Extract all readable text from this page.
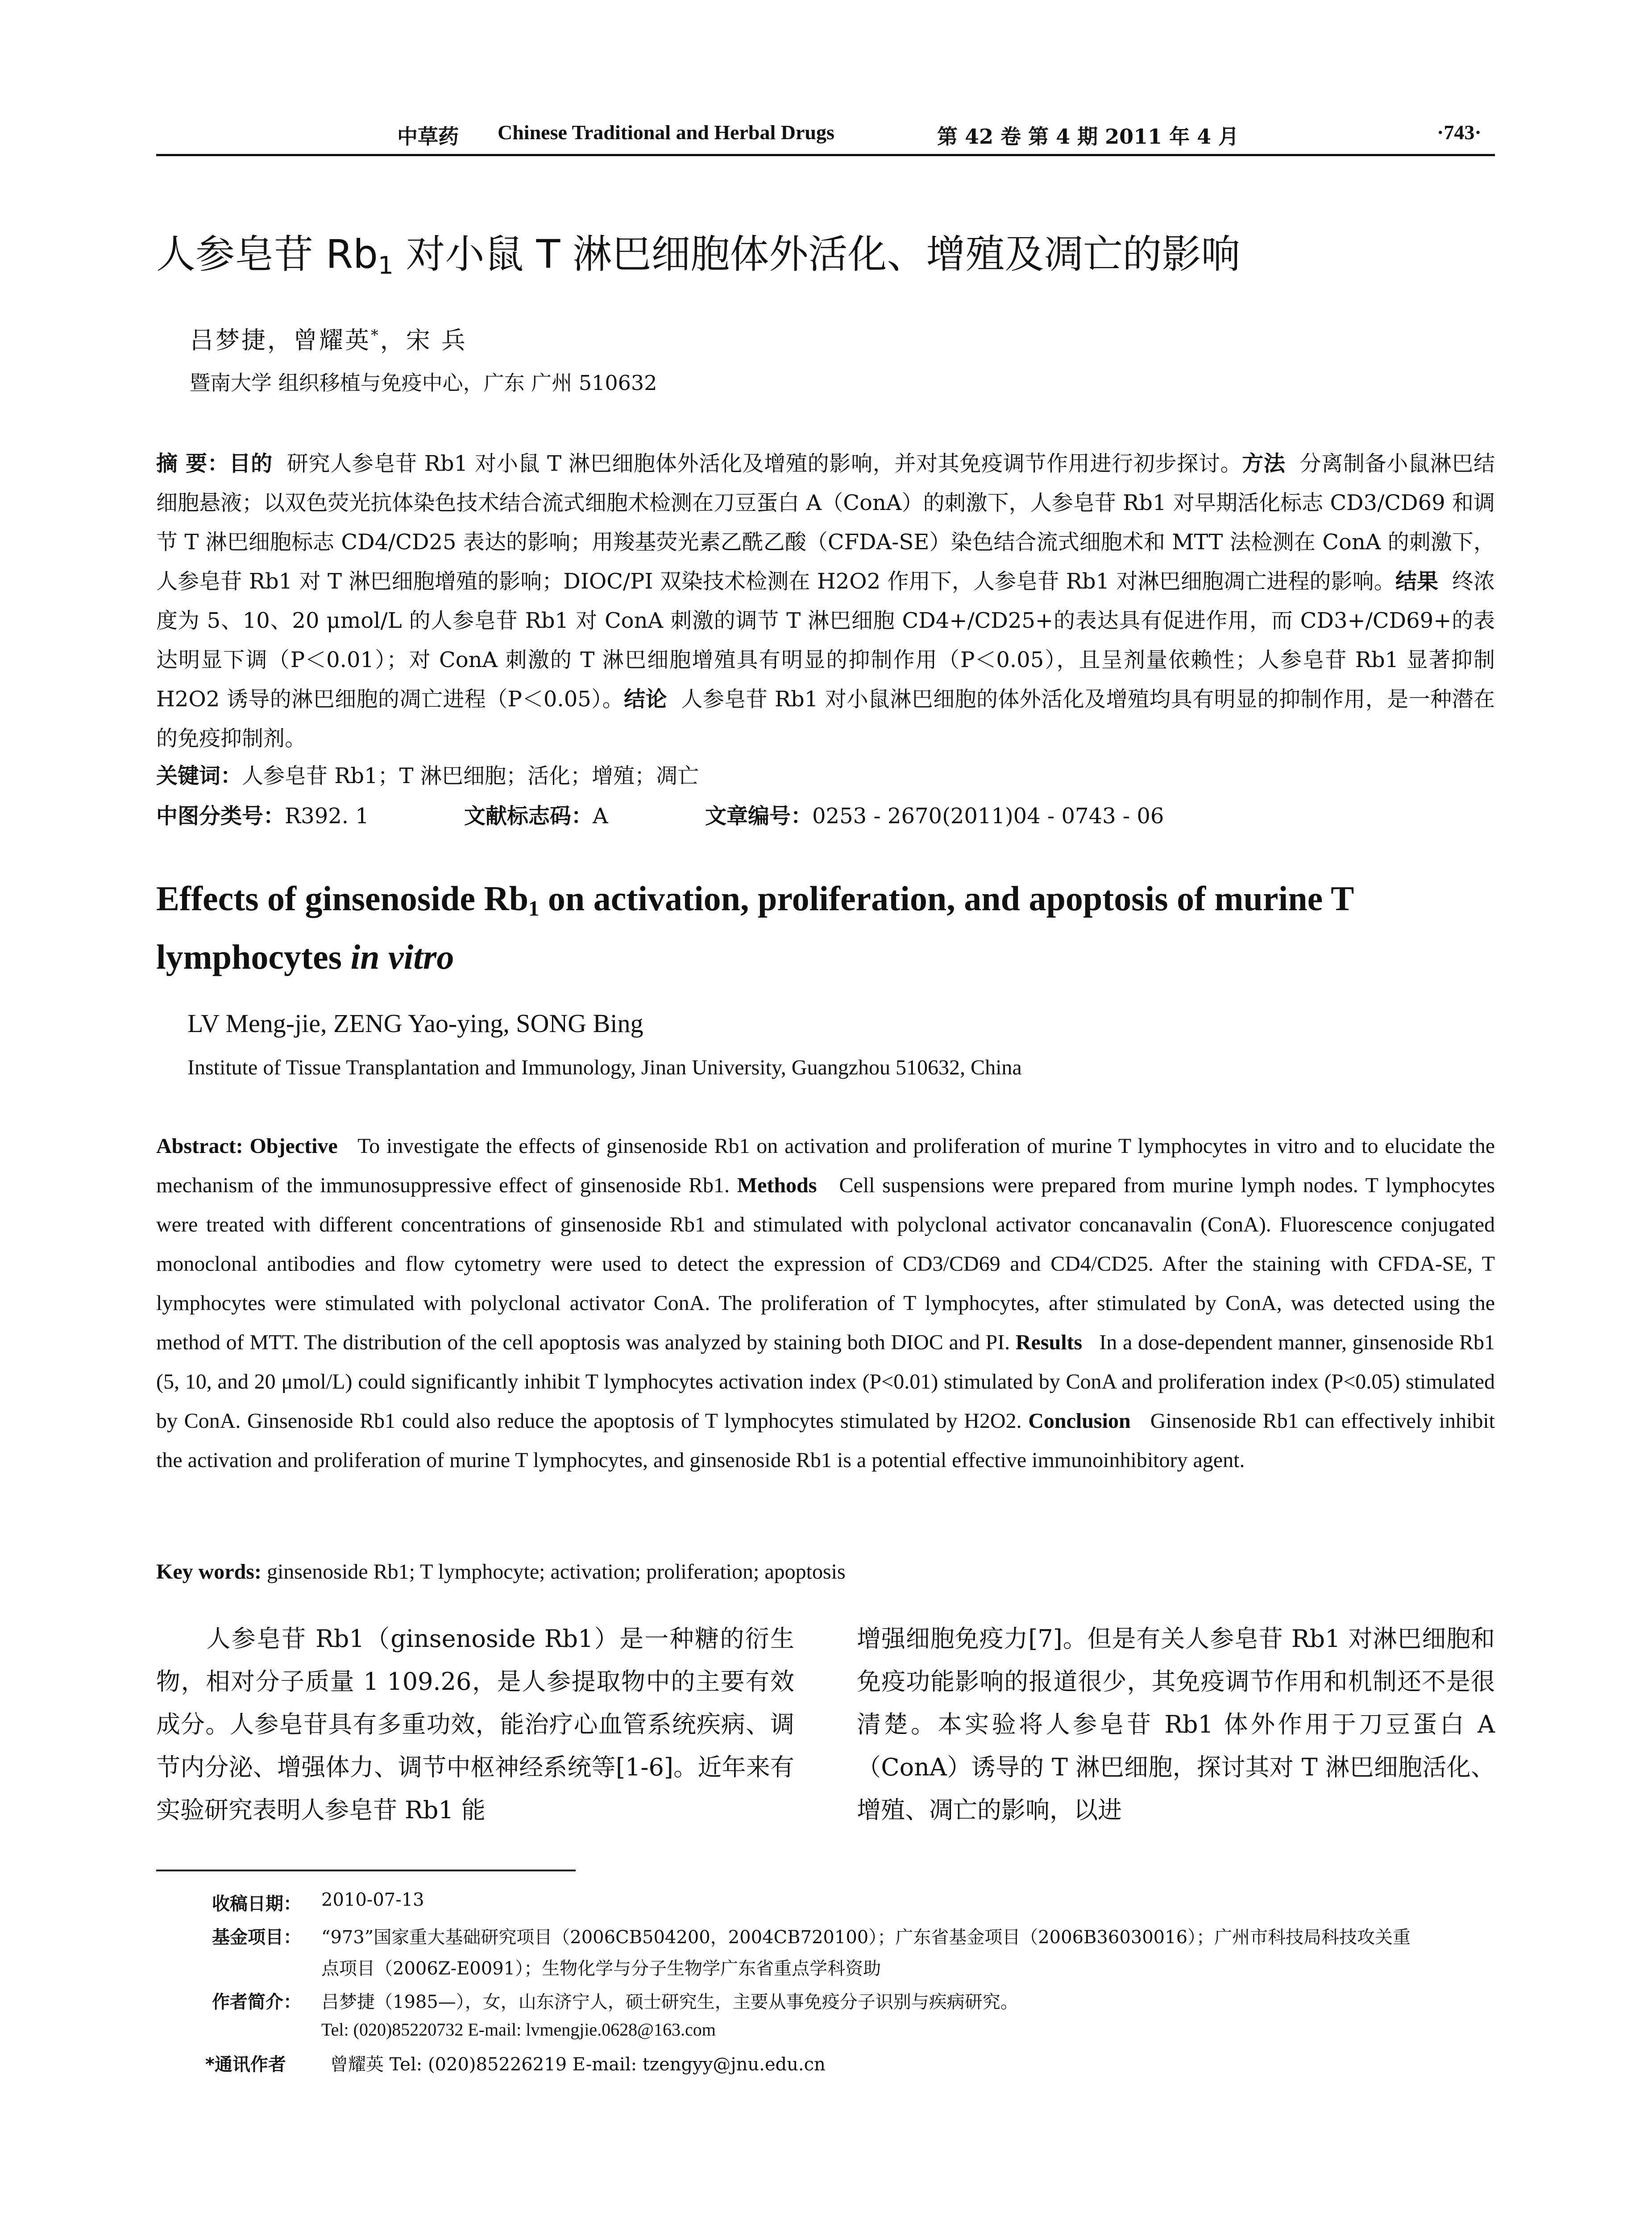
中草药 Chinese Traditional and Herbal Drugs	第 42 卷 第 4 期 2011 年 4 月	·743·
人参皂苷 $Rb_1$ 对小鼠 T 淋巴细胞体外活化、增殖及凋亡的影响
吕梦捷，曾耀英*，宋 兵
暨南大学 组织移植与免疫中心，广东 广州 510632
摘 要：目的 研究人参皂苷 Rb1 对小鼠 T 淋巴细胞体外活化及增殖的影响，并对其免疫调节作用进行初步探讨。方法 分离制备小鼠淋巴结细胞悬液；以双色荧光抗体染色技术结合流式细胞术检测在刀豆蛋白 A（ConA）的刺激下，人参皂苷 Rb1 对早期活化标志 CD3/CD69 和调节 T 淋巴细胞标志 CD4/CD25 表达的影响；用羧基荧光素乙酰乙酸（CFDA-SE）染色结合流式细胞术和 MTT 法检测在 ConA 的刺激下，人参皂苷 Rb1 对 T 淋巴细胞增殖的影响；DIOC/PI 双染技术检测在 H2O2 作用下，人参皂苷 Rb1 对淋巴细胞凋亡进程的影响。结果 终浓度为 5、10、20 μmol/L 的人参皂苷 Rb1 对 ConA 刺激的调节 T 淋巴细胞 CD4+/CD25+的表达具有促进作用，而 CD3+/CD69+的表达明显下调（P＜0.01）；对 ConA 刺激的 T 淋巴细胞增殖具有明显的抑制作用（P＜0.05），且呈剂量依赖性；人参皂苷 Rb1 显著抑制 H2O2 诱导的淋巴细胞的凋亡进程（P＜0.05）。结论 人参皂苷 Rb1 对小鼠淋巴细胞的体外活化及增殖均具有明显的抑制作用，是一种潜在的免疫抑制剂。
关键词：人参皂苷 Rb1；T 淋巴细胞；活化；增殖；凋亡
中图分类号：R392. 1	文献标志码：A	文章编号：0253 - 2670(2011)04 - 0743 - 06
Effects of ginsenoside $Rb_1$ on activation, proliferation, and apoptosis of murine T lymphocytes in vitro
LV Meng-jie, ZENG Yao-ying, SONG Bing
Institute of Tissue Transplantation and Immunology, Jinan University, Guangzhou 510632, China
Abstract: Objective To investigate the effects of ginsenoside Rb1 on activation and proliferation of murine T lymphocytes in vitro and to elucidate the mechanism of the immunosuppressive effect of ginsenoside Rb1. Methods Cell suspensions were prepared from murine lymph nodes. T lymphocytes were treated with different concentrations of ginsenoside Rb1 and stimulated with polyclonal activator concanavalin (ConA). Fluorescence conjugated monoclonal antibodies and flow cytometry were used to detect the expression of CD3/CD69 and CD4/CD25. After the staining with CFDA-SE, T lymphocytes were stimulated with polyclonal activator ConA. The proliferation of T lymphocytes, after stimulated by ConA, was detected using the method of MTT. The distribution of the cell apoptosis was analyzed by staining both DIOC and PI. Results In a dose-dependent manner, ginsenoside Rb1 (5, 10, and 20 μmol/L) could significantly inhibit T lymphocytes activation index (P<0.01) stimulated by ConA and proliferation index (P<0.05) stimulated by ConA. Ginsenoside Rb1 could also reduce the apoptosis of T lymphocytes stimulated by H2O2. Conclusion Ginsenoside Rb1 can effectively inhibit the activation and proliferation of murine T lymphocytes, and ginsenoside Rb1 is a potential effective immunoinhibitory agent.
Key words: ginsenoside Rb1; T lymphocyte; activation; proliferation; apoptosis
人参皂苷 Rb1（ginsenoside Rb1）是一种糖的衍生物，相对分子质量 1 109.26，是人参提取物中的主要有效成分。人参皂苷具有多重功效，能治疗心血管系统疾病、调节内分泌、增强体力、调节中枢神经系统等[1-6]。近年来有实验研究表明人参皂苷 Rb1 能
增强细胞免疫力[7]。但是有关人参皂苷 Rb1 对淋巴细胞和免疫功能影响的报道很少，其免疫调节作用和机制还不是很清楚。本实验将人参皂苷 Rb1 体外作用于刀豆蛋白 A（ConA）诱导的 T 淋巴细胞，探讨其对 T 淋巴细胞活化、增殖、凋亡的影响，以进
收稿日期： 2010-07-13
基金项目： “973”国家重大基础研究项目（2006CB504200，2004CB720100）；广东省基金项目（2006B36030016）；广州市科技局科技攻关重
点项目（2006Z-E0091）；生物化学与分子生物学广东省重点学科资助
作者简介： 吕梦捷（1985—），女，山东济宁人，硕士研究生，主要从事免疫分子识别与疾病研究。
Tel: (020)85220732 E-mail: lvmengjie.0628@163.com
*通讯作者 曾耀英 Tel: (020)85226219 E-mail: tzengyy@jnu.edu.cn
